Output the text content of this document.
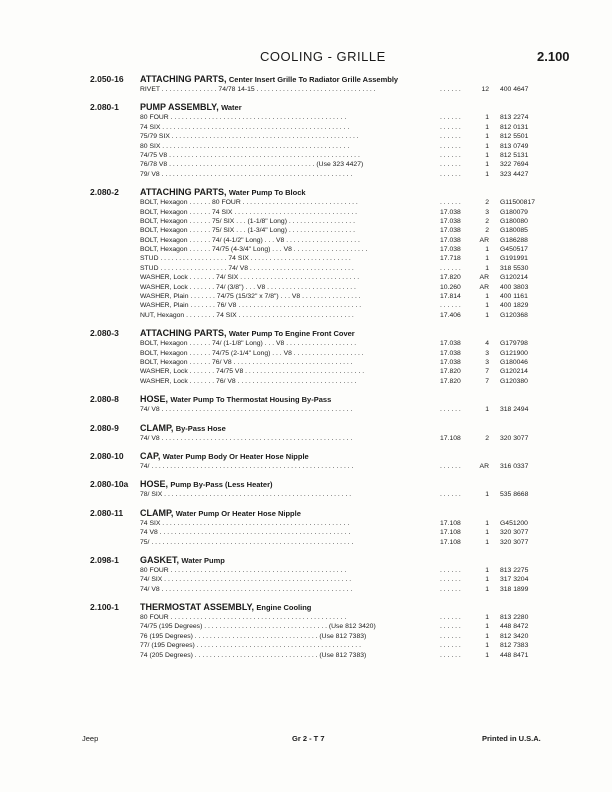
COOLING - GRILLE	2.100
2.050-16 ATTACHING PARTS, Center Insert Grille To Radiator Grille Assembly
RIVET . . . . . . . . . . . . . . . 74/78 14-15 . . . . . . . . . . . . . . . . . . . . . . . . . . . . . . . .	. . . . . .	12 400 4647
2.080-1 PUMP ASSEMBLY, Water
80 FOUR . . . . . . . . . . . . . . . . . . . . . . . . . . . . . . . . . . . . . . . . . . . . . . .	. . . . . .	1 813 2274
74 SIX . . . . . . . . . . . . . . . . . . . . . . . . . . . . . . . . . . . . . . . . . . . . . . . . . .	. . . . . .	1 812 0131
75/79 SIX . . . . . . . . . . . . . . . . . . . . . . . . . . . . . . . . . . . . . . . . . . . . . . . . . .	. . . . . .	1 812 5501
80 SIX . . . . . . . . . . . . . . . . . . . . . . . . . . . . . . . . . . . . . . . . . . . . . . . . . .	. . . . . .	1 813 0749
74/75 V8 . . . . . . . . . . . . . . . . . . . . . . . . . . . . . . . . . . . . . . . . . . . . . . . . . . .	. . . . . .	1 812 5131
76/78 V8 . . . . . . . . . . . . . . . . . . . . . . . . . . . . . . . . . . . . . . . (Use 323 4427)	. . . . . .	1 322 7694
79/ V8 . . . . . . . . . . . . . . . . . . . . . . . . . . . . . . . . . . . . . . . . . . . . . . . . . . .	. . . . . .	1 323 4427
2.080-2 ATTACHING PARTS, Water Pump To Block
BOLT, Hexagon . . . . . . 80 FOUR . . . . . . . . . . . . . . . . . . . . . . . . . . . . . . .	. . . . . .	2 G11500817
BOLT, Hexagon . . . . . . 74 SIX . . . . . . . . . . . . . . . . . . . . . . . . . . . . . . . . .	17.038	3 G180079
BOLT, Hexagon . . . . . . 75/ SIX . . . (1-1/8" Long) . . . . . . . . . . . . . . . . . .	17.038	2 G180080
BOLT, Hexagon . . . . . . 75/ SIX . . . (1-3/4" Long) . . . . . . . . . . . . . . . . . .	17.038	2 G180085
BOLT, Hexagon . . . . . . 74/ (4-1/2" Long) . . . V8 . . . . . . . . . . . . . . . . . . . .	17.038	AR G186288
BOLT, Hexagon . . . . . . 74/75 (4-3/4" Long) . . . V8 . . . . . . . . . . . . . . . . . . . .	17.038	1 G450517
STUD . . . . . . . . . . . . . . . . . . 74 SIX . . . . . . . . . . . . . . . . . . . . . . . . . . .	17.718	1 G191991
STUD . . . . . . . . . . . . . . . . . . 74/ V8 . . . . . . . . . . . . . . . . . . . . . . . . . . . .	. . . . . .	1 318 5530
WASHER, Lock . . . . . . . 74/ SIX . . . . . . . . . . . . . . . . . . . . . . . . . . . . . . . .	17.820	AR G120214
WASHER, Lock . . . . . . . 74/ (3/8") . . . V8 . . . . . . . . . . . . . . . . . . . . . . . .	10.260	AR 400 3803
WASHER, Plain . . . . . . . 74/75 (15/32" x 7/8") . . . V8 . . . . . . . . . . . . . . . .	17.814	1 400 1161
WASHER, Plain . . . . . . . 76/ V8 . . . . . . . . . . . . . . . . . . . . . . . . . . . . . . . . .	. . . . . .	1 400 1829
NUT, Hexagon . . . . . . . . 74 SIX . . . . . . . . . . . . . . . . . . . . . . . . . . . . . . .	17.406	1 G120368
2.080-3 ATTACHING PARTS, Water Pump To Engine Front Cover
BOLT, Hexagon . . . . . . 74/ (1-1/8" Long) . . . V8 . . . . . . . . . . . . . . . . . . .	17.038	4 G179798
BOLT, Hexagon . . . . . . 74/75 (2-1/4" Long) . . . V8 . . . . . . . . . . . . . . . . . . .	17.038	3 G121900
BOLT, Hexagon . . . . . . 76/ V8 . . . . . . . . . . . . . . . . . . . . . . . . . . . . . . . .	17.038	3 G180046
WASHER, Lock . . . . . . . 74/75 V8 . . . . . . . . . . . . . . . . . . . . . . . . . . . . . . . .	17.820	7 G120214
WASHER, Lock . . . . . . . 76/ V8 . . . . . . . . . . . . . . . . . . . . . . . . . . . . . . . .	17.820	7 G120380
2.080-8 HOSE, Water Pump To Thermostat Housing By-Pass
74/ V8 . . . . . . . . . . . . . . . . . . . . . . . . . . . . . . . . . . . . . . . . . . . . . . . . . . .	. . . . . .	1 318 2494
2.080-9 CLAMP, By-Pass Hose
74/ V8 . . . . . . . . . . . . . . . . . . . . . . . . . . . . . . . . . . . . . . . . . . . . . . . . . . .	17.108	2 320 3077
2.080-10 CAP, Water Pump Body Or Heater Hose Nipple
74/ . . . . . . . . . . . . . . . . . . . . . . . . . . . . . . . . . . . . . . . . . . . . . . . . . . . . . .	. . . . . .	AR 316 0337
2.080-10a HOSE, Pump By-Pass (Less Heater)
78/ SIX . . . . . . . . . . . . . . . . . . . . . . . . . . . . . . . . . . . . . . . . . . . . . . . . . .	. . . . . .	1 535 8668
2.080-11 CLAMP, Water Pump Or Heater Hose Nipple
74 SIX . . . . . . . . . . . . . . . . . . . . . . . . . . . . . . . . . . . . . . . . . . . . . . . . . .	17.108	1 G451200
74 V8 . . . . . . . . . . . . . . . . . . . . . . . . . . . . . . . . . . . . . . . . . . . . . . . . . . .	17.108	1 320 3077
75/ . . . . . . . . . . . . . . . . . . . . . . . . . . . . . . . . . . . . . . . . . . . . . . . . . . . . . .	17.108	1 320 3077
2.098-1 GASKET, Water Pump
80 FOUR . . . . . . . . . . . . . . . . . . . . . . . . . . . . . . . . . . . . . . . . . . . . . . .	. . . . . .	1 813 2275
74/ SIX . . . . . . . . . . . . . . . . . . . . . . . . . . . . . . . . . . . . . . . . . . . . . . . . . .	. . . . . .	1 317 3204
74/ V8 . . . . . . . . . . . . . . . . . . . . . . . . . . . . . . . . . . . . . . . . . . . . . . . . . . .	. . . . . .	1 318 1899
2.100-1 THERMOSTAT ASSEMBLY, Engine Cooling
80 FOUR . . . . . . . . . . . . . . . . . . . . . . . . . . . . . . . . . . . . . . . . . . . . . . .	. . . . . .	1 813 2280
74/75 (195 Degrees) . . . . . . . . . . . . . . . . . . . . . . . . . . . . . . . . . (Use 812 3420)	. . . . . .	1 448 8472
76 (195 Degrees) . . . . . . . . . . . . . . . . . . . . . . . . . . . . . . . . . (Use 812 7383)	. . . . . .	1 812 3420
77/ (195 Degrees) . . . . . . . . . . . . . . . . . . . . . . . . . . . . . . . . . . . . . . . . . . . .	. . . . . .	1 812 7383
74 (205 Degrees) . . . . . . . . . . . . . . . . . . . . . . . . . . . . . . . . . (Use 812 7383)	. . . . . .	1 448 8471
Jeep	Gr 2 - T 7	Printed in U.S.A.
